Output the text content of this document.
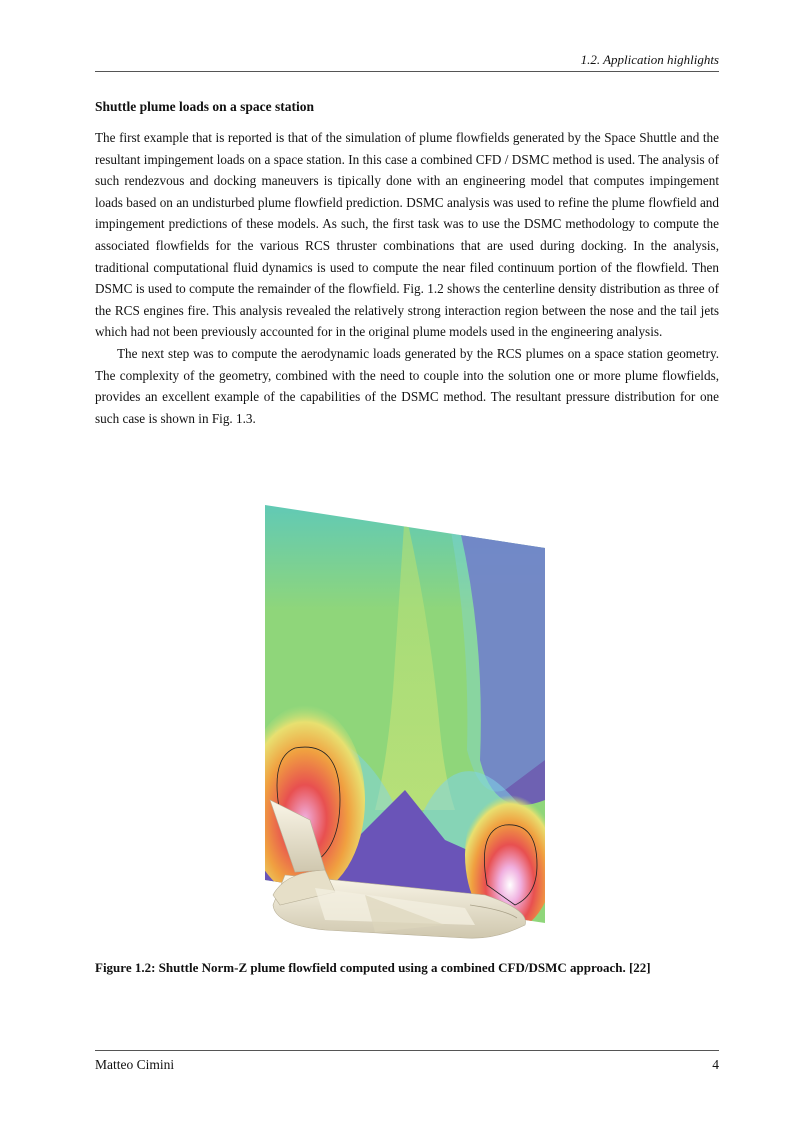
1.2. Application highlights
Shuttle plume loads on a space station

The first example that is reported is that of the simulation of plume flowfields generated by the Space Shuttle and the resultant impingement loads on a space station. In this case a combined CFD / DSMC method is used. The analysis of such rendezvous and docking maneuvers is tipically done with an engineering model that computes impingement loads based on an undisturbed plume flowfield prediction. DSMC analysis was used to refine the plume flowfield and impingement predictions of these models. As such, the first task was to use the DSMC methodology to compute the associated flowfields for the various RCS thruster combinations that are used during docking. In the analysis, traditional computational fluid dynamics is used to compute the near filed continuum portion of the flowfield. Then DSMC is used to compute the remainder of the flowfield. Fig. 1.2 shows the centerline density distribution as three of the RCS engines fire. This analysis revealed the relatively strong interaction region between the nose and the tail jets which had not been previously accounted for in the original plume models used in the engineering analysis.

The next step was to compute the aerodynamic loads generated by the RCS plumes on a space station geometry. The complexity of the geometry, combined with the need to couple into the solution one or more plume flowfields, provides an excellent example of the capabilities of the DSMC method. The resultant pressure distribution for one such case is shown in Fig. 1.3.

Figure 1.2: Shuttle Norm-Z plume flowfield computed using a combined CFD/DSMC approach. [22]
Matteo Cimini	4
